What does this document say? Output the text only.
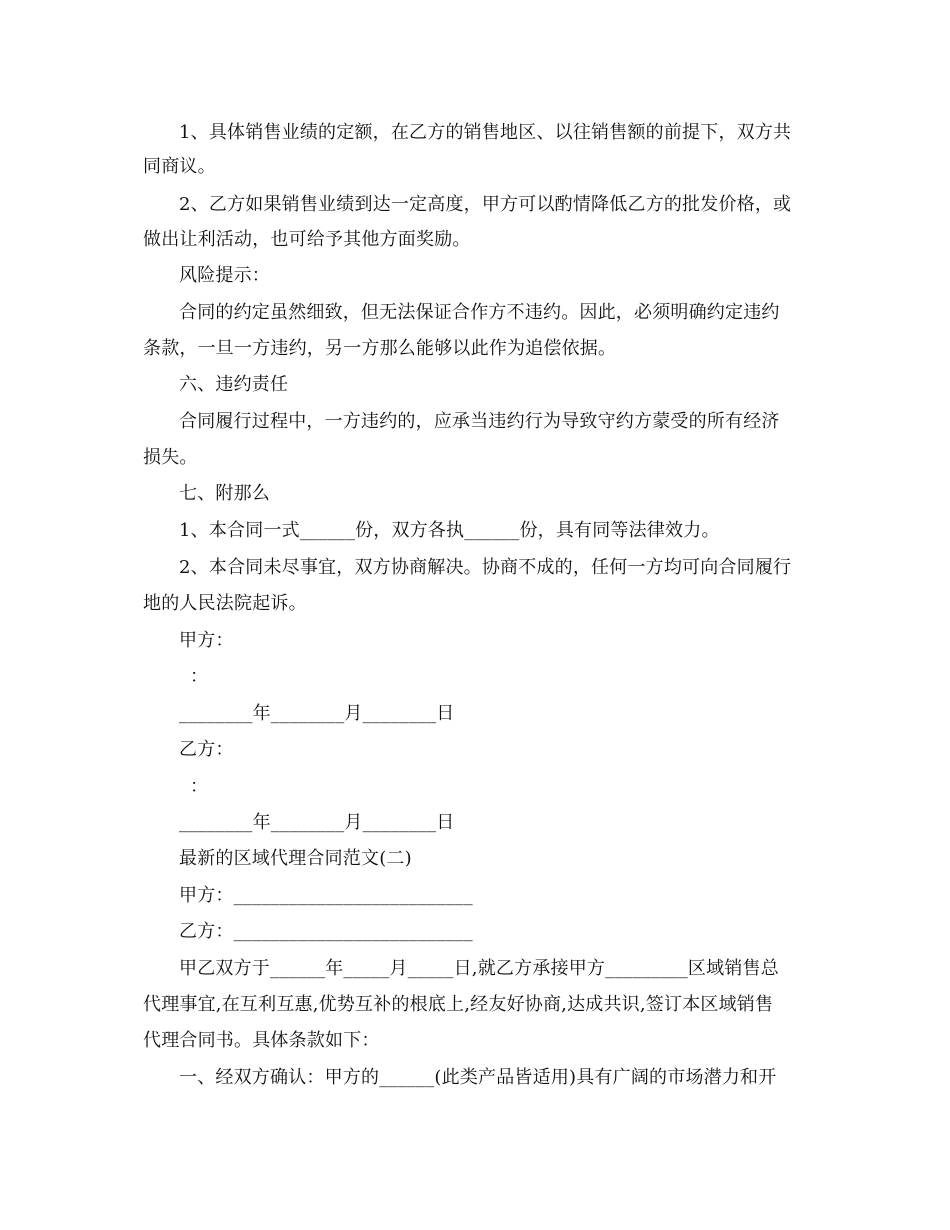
1、具体销售业绩的定额，在乙方的销售地区、以往销售额的前提下，双方共
同商议。
2、乙方如果销售业绩到达一定高度，甲方可以酌情降低乙方的批发价格，或
做出让利活动，也可给予其他方面奖励。
风险提示：
合同的约定虽然细致，但无法保证合作方不违约。因此，必须明确约定违约
条款，一旦一方违约，另一方那么能够以此作为追偿依据。
六、违约责任
合同履行过程中，一方违约的，应承当违约行为导致守约方蒙受的所有经济
损失。
七、附那么
1、本合同一式______份，双方各执______份，具有同等法律效力。
2、本合同未尽事宜，双方协商解决。协商不成的，任何一方均可向合同履行
地的人民法院起诉。
甲方：
：
________年________月________日
乙方：
：
________年________月________日
最新的区域代理合同范文(二)
甲方：__________________________
乙方：__________________________
甲乙双方于______年_____月_____日,就乙方承接甲方_________区域销售总
代理事宜,在互利互惠,优势互补的根底上,经友好协商,达成共识,签订本区域销售
代理合同书。具体条款如下：
一、经双方确认：甲方的______(此类产品皆适用)具有广阔的市场潜力和开
